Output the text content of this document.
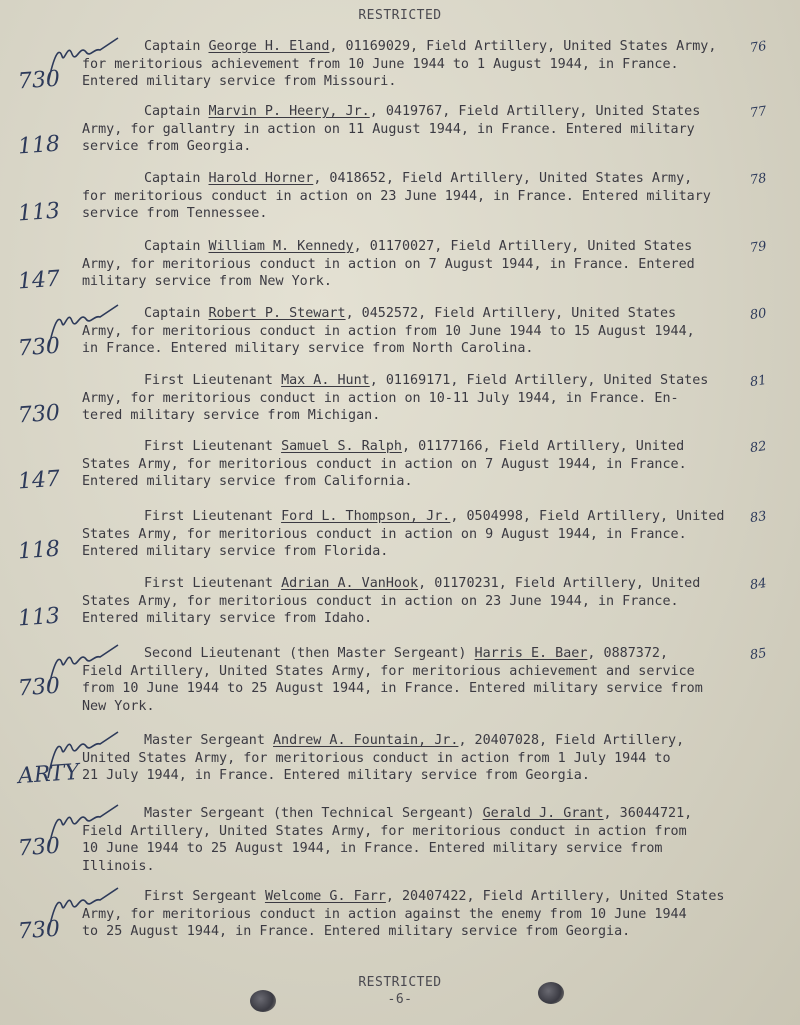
RESTRICTED
Captain George H. Eland, 01169029, Field Artillery, United States Army,
for meritorious achievement from 10 June 1944 to 1 August 1944, in France.
Entered military service from Missouri.
730
76
Captain Marvin P. Heery, Jr., 0419767, Field Artillery, United States
Army, for gallantry in action on 11 August 1944, in France. Entered military
service from Georgia.
118
77
Captain Harold Horner, 0418652, Field Artillery, United States Army,
for meritorious conduct in action on 23 June 1944, in France. Entered military
service from Tennessee.
113
78
Captain William M. Kennedy, 01170027, Field Artillery, United States
Army, for meritorious conduct in action on 7 August 1944, in France. Entered
military service from New York.
147
79
Captain Robert P. Stewart, 0452572, Field Artillery, United States
Army, for meritorious conduct in action from 10 June 1944 to 15 August 1944,
in France. Entered military service from North Carolina.
730
80
First Lieutenant Max A. Hunt, 01169171, Field Artillery, United States
Army, for meritorious conduct in action on 10-11 July 1944, in France. En-
tered military service from Michigan.
730
81
First Lieutenant Samuel S. Ralph, 01177166, Field Artillery, United
States Army, for meritorious conduct in action on 7 August 1944, in France.
Entered military service from California.
147
82
First Lieutenant Ford L. Thompson, Jr., 0504998, Field Artillery, United
States Army, for meritorious conduct in action on 9 August 1944, in France.
Entered military service from Florida.
118
83
First Lieutenant Adrian A. VanHook, 01170231, Field Artillery, United
States Army, for meritorious conduct in action on 23 June 1944, in France.
Entered military service from Idaho.
113
84
Second Lieutenant (then Master Sergeant) Harris E. Baer, 0887372,
Field Artillery, United States Army, for meritorious achievement and service
from 10 June 1944 to 25 August 1944, in France. Entered military service from
New York.
730
85
Master Sergeant Andrew A. Fountain, Jr., 20407028, Field Artillery,
United States Army, for meritorious conduct in action from 1 July 1944 to
21 July 1944, in France. Entered military service from Georgia.
ARTY
Master Sergeant (then Technical Sergeant) Gerald J. Grant, 36044721,
Field Artillery, United States Army, for meritorious conduct in action from
10 June 1944 to 25 August 1944, in France. Entered military service from
Illinois.
730
First Sergeant Welcome G. Farr, 20407422, Field Artillery, United States
Army, for meritorious conduct in action against the enemy from 10 June 1944
to 25 August 1944, in France. Entered military service from Georgia.
730
RESTRICTED
-6-
